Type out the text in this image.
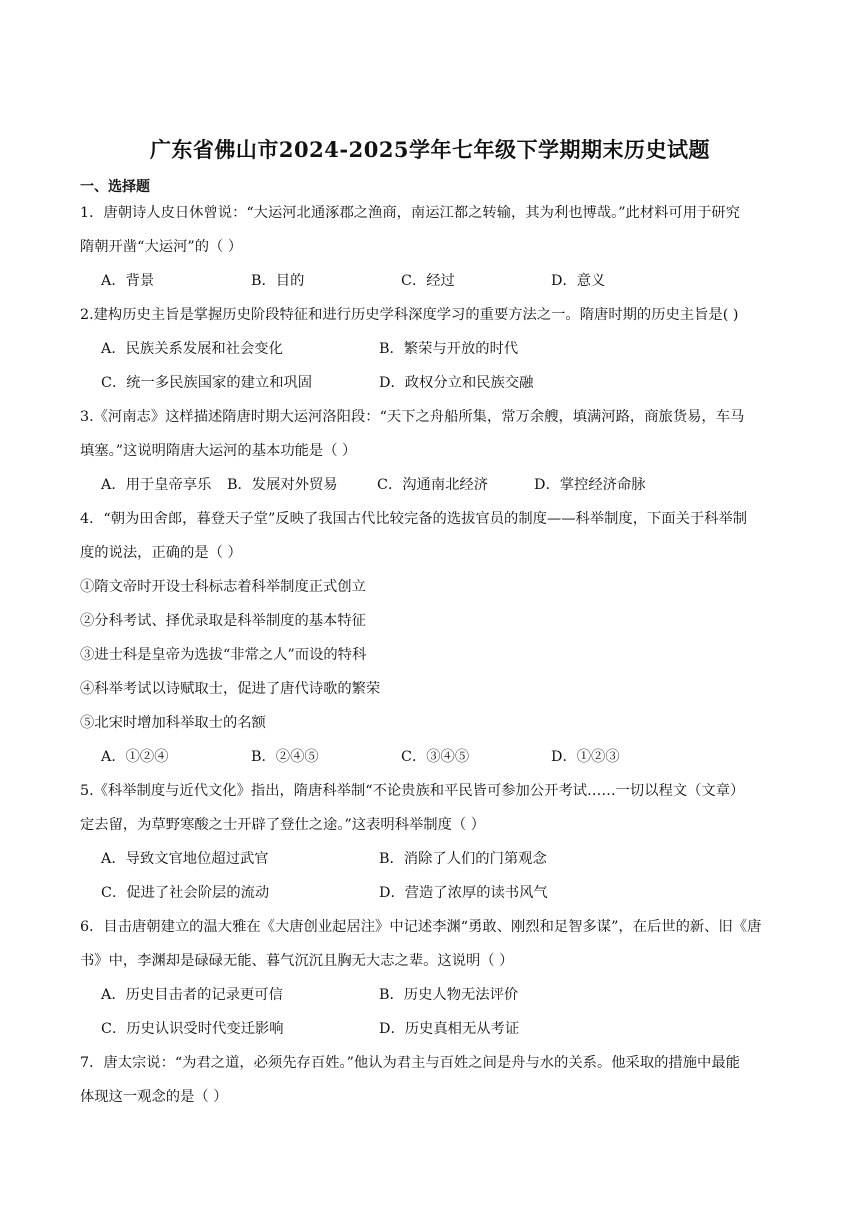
广东省佛山市2024-2025学年七年级下学期期末历史试题
一、选择题
1．唐朝诗人皮日休曾说：“大运河北通涿郡之渔商，南运江都之转输，其为利也博哉。”此材料可用于研究
隋朝开凿“大运河”的（ ）
A．背景	B．目的	C．经过	D．意义
2.建构历史主旨是掌握历史阶段特征和进行历史学科深度学习的重要方法之一。隋唐时期的历史主旨是( )
A．民族关系发展和社会变化	B．繁荣与开放的时代
C．统一多民族国家的建立和巩固	D．政权分立和民族交融
3.《河南志》这样描述隋唐时期大运河洛阳段：“天下之舟船所集，常万余艘，填满河路，商旅货易，车马
填塞。”这说明隋唐大运河的基本功能是（ ）
A．用于皇帝享乐	B．发展对外贸易	C．沟通南北经济	D．掌控经济命脉
4．“朝为田舍郎，暮登天子堂”反映了我国古代比较完备的选拔官员的制度——科举制度，下面关于科举制
度的说法，正确的是（ ）
①隋文帝时开设士科标志着科举制度正式创立
②分科考试、择优录取是科举制度的基本特征
③进士科是皇帝为选拔“非常之人”而设的特科
④科举考试以诗赋取士，促进了唐代诗歌的繁荣
⑤北宋时增加科举取士的名额
A．①②④	B．②④⑤	C．③④⑤	D．①②③
5.《科举制度与近代文化》指出，隋唐科举制“不论贵族和平民皆可参加公开考试……一切以程文（文章）
定去留，为草野寒酸之士开辟了登仕之途。”这表明科举制度（ ）
A．导致文官地位超过武官	B．消除了人们的门第观念
C．促进了社会阶层的流动	D．营造了浓厚的读书风气
6．目击唐朝建立的温大雅在《大唐创业起居注》中记述李渊“勇敢、刚烈和足智多谋”，在后世的新、旧《唐
书》中，李渊却是碌碌无能、暮气沉沉且胸无大志之辈。这说明（ ）
A．历史目击者的记录更可信	B．历史人物无法评价
C．历史认识受时代变迁影响	D．历史真相无从考证
7．唐太宗说：“为君之道，必须先存百姓。”他认为君主与百姓之间是舟与水的关系。他采取的措施中最能
体现这一观念的是（ ）
